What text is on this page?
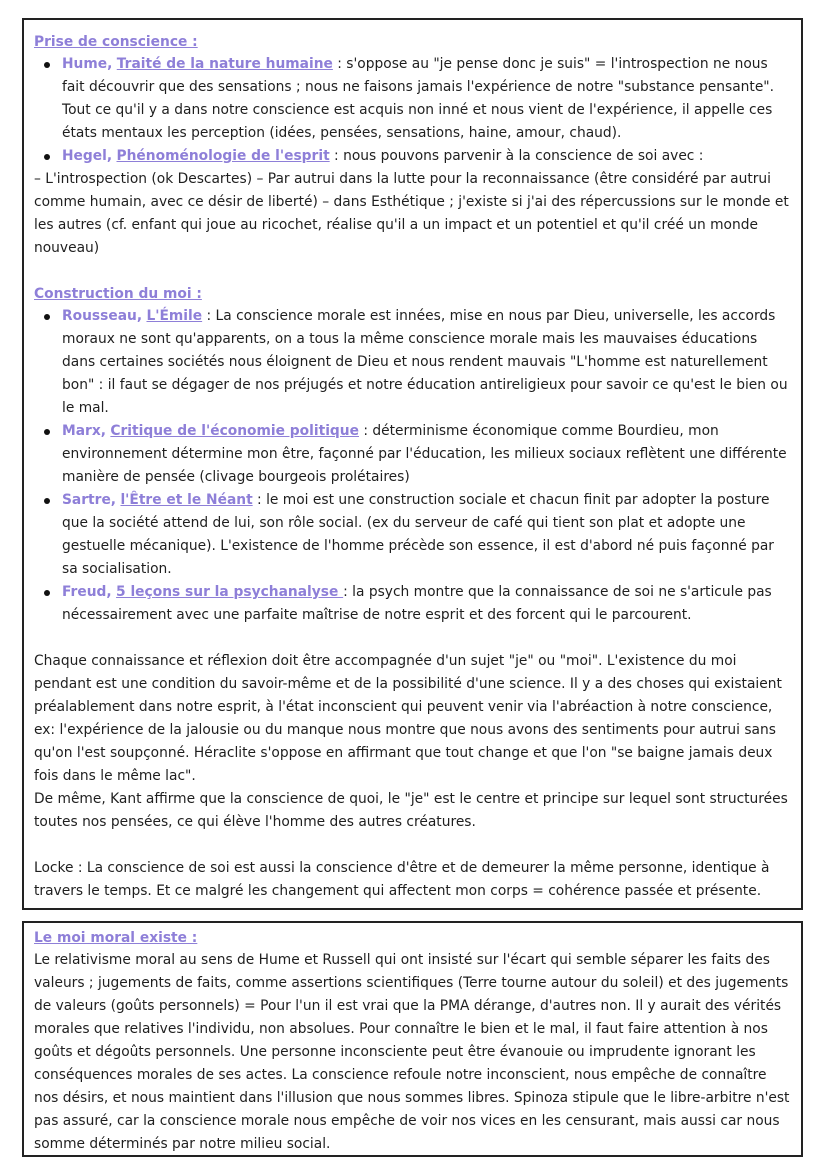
Prise de conscience :

Hume, Traité de la nature humaine : s'oppose au "je pense donc je suis" = l'introspection ne nous fait découvrir que des sensations ; nous ne faisons jamais l'expérience de notre "substance pensante". Tout ce qu'il y a dans notre conscience est acquis non inné et nous vient de l'expérience, il appelle ces états mentaux les perception (idées, pensées, sensations, haine, amour, chaud).
Hegel, Phénoménologie de l'esprit : nous pouvons parvenir à la conscience de soi avec :

– L'introspection (ok Descartes) – Par autrui dans la lutte pour la reconnaissance (être considéré par autrui comme humain, avec ce désir de liberté) – dans Esthétique ; j'existe si j'ai des répercussions sur le monde et les autres (cf. enfant qui joue au ricochet, réalise qu'il a un impact et un potentiel et qu'il créé un monde nouveau)

Construction du moi :

Rousseau, L'Émile : La conscience morale est innées, mise en nous par Dieu, universelle, les accords moraux ne sont qu'apparents, on a tous la même conscience morale mais les mauvaises éducations dans certaines sociétés nous éloignent de Dieu et nous rendent mauvais "L'homme est naturellement bon" : il faut se dégager de nos préjugés et notre éducation antireligieux pour savoir ce qu'est le bien ou le mal.
Marx, Critique de l'économie politique : déterminisme économique comme Bourdieu, mon environnement détermine mon être, façonné par l'éducation, les milieux sociaux reflètent une différente manière de pensée (clivage bourgeois prolétaires)
Sartre, l'Être et le Néant : le moi est une construction sociale et chacun finit par adopter la posture que la société attend de lui, son rôle social. (ex du serveur de café qui tient son plat et adopte une gestuelle mécanique). L'existence de l'homme précède son essence, il est d'abord né puis façonné par sa socialisation.
Freud, 5 leçons sur la psychanalyse : la psych montre que la connaissance de soi ne s'articule pas nécessairement avec une parfaite maîtrise de notre esprit et des forcent qui le parcourent.

Chaque connaissance et réflexion doit être accompagnée d'un sujet "je" ou "moi". L'existence du moi pendant est une condition du savoir-même et de la possibilité d'une science. Il y a des choses qui existaient préalablement dans notre esprit, à l'état inconscient qui peuvent venir via l'abréaction à notre conscience, ex: l'expérience de la jalousie ou du manque nous montre que nous avons des sentiments pour autrui sans qu'on l'est soupçonné. Héraclite s'oppose en affirmant que tout change et que l'on "se baigne jamais deux fois dans le même lac".

De même, Kant affirme que la conscience de quoi, le "je" est le centre et principe sur lequel sont structurées toutes nos pensées, ce qui élève l'homme des autres créatures.

Locke : La conscience de soi est aussi la conscience d'être et de demeurer la même personne, identique à travers le temps. Et ce malgré les changement qui affectent mon corps = cohérence passée et présente.

Le moi moral existe :

Le relativisme moral au sens de Hume et Russell qui ont insisté sur l'écart qui semble séparer les faits des valeurs ; jugements de faits, comme assertions scientifiques (Terre tourne autour du soleil) et des jugements de valeurs (goûts personnels) = Pour l'un il est vrai que la PMA dérange, d'autres non. Il y aurait des vérités morales que relatives l'individu, non absolues. Pour connaître le bien et le mal, il faut faire attention à nos goûts et dégoûts personnels. Une personne inconsciente peut être évanouie ou imprudente ignorant les conséquences morales de ses actes. La conscience refoule notre inconscient, nous empêche de connaître nos désirs, et nous maintient dans l'illusion que nous sommes libres. Spinoza stipule que le libre-arbitre n'est pas assuré, car la conscience morale nous empêche de voir nos vices en les censurant, mais aussi car nous somme déterminés par notre milieu social.
